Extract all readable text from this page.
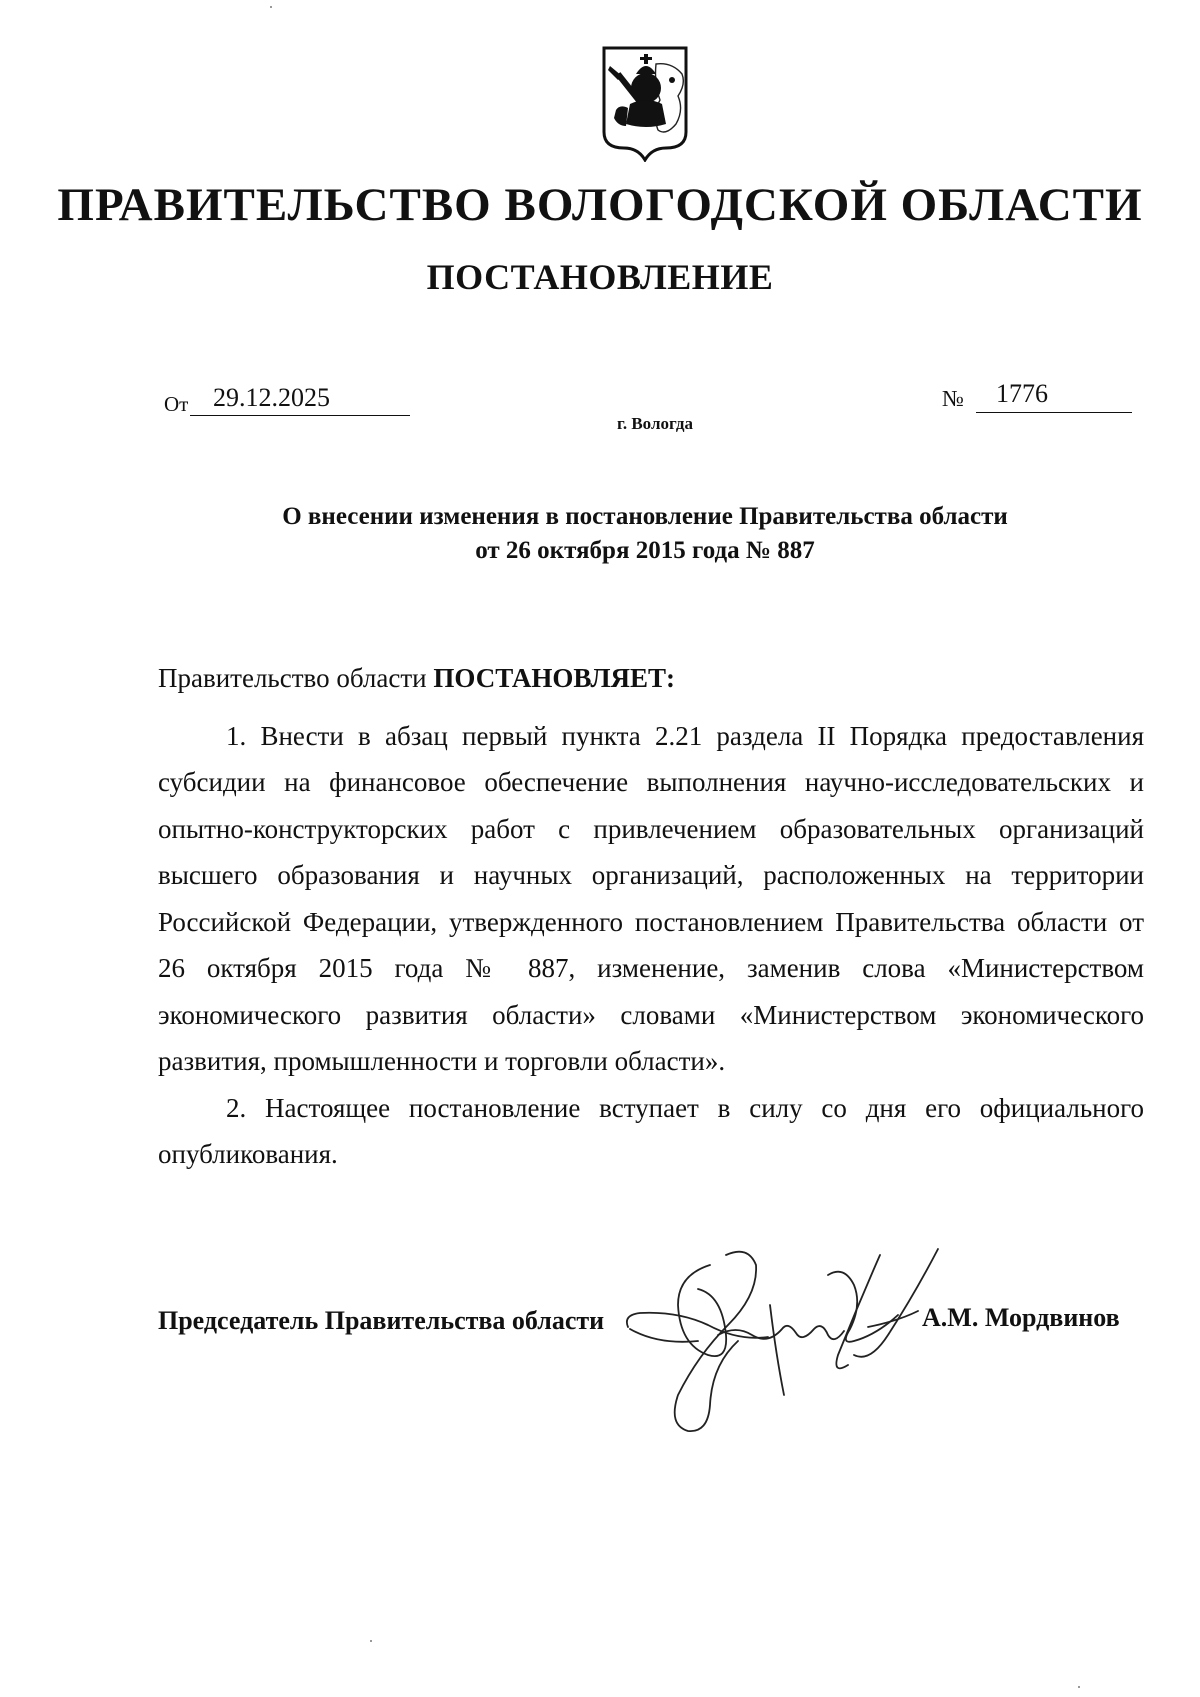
ПРАВИТЕЛЬСТВО ВОЛОГОДСКОЙ ОБЛАСТИ
ПОСТАНОВЛЕНИЕ
От 29.12.2025	№	1776
г. Вологда
О внесении изменения в постановление Правительства области
от 26 октября 2015 года № 887

Правительство области ПОСТАНОВЛЯЕТ:

1. Внести в абзац первый пункта 2.21 раздела II Порядка предоставления субсидии на финансовое обеспечение выполнения научно-исследовательских и опытно-конструкторских работ с привлечением образовательных организаций высшего образования и научных организаций, расположенных на территории Российской Федерации, утвержденного постановлением Правительства области от 26 октября 2015 года № 887, изменение, заменив слова «Министерством экономического развития области» словами «Министерством экономического развития, промышленности и торговли области».

2. Настоящее постановление вступает в силу со дня его официального опубликования.

Председатель Правительства области	А.М. Мордвинов
